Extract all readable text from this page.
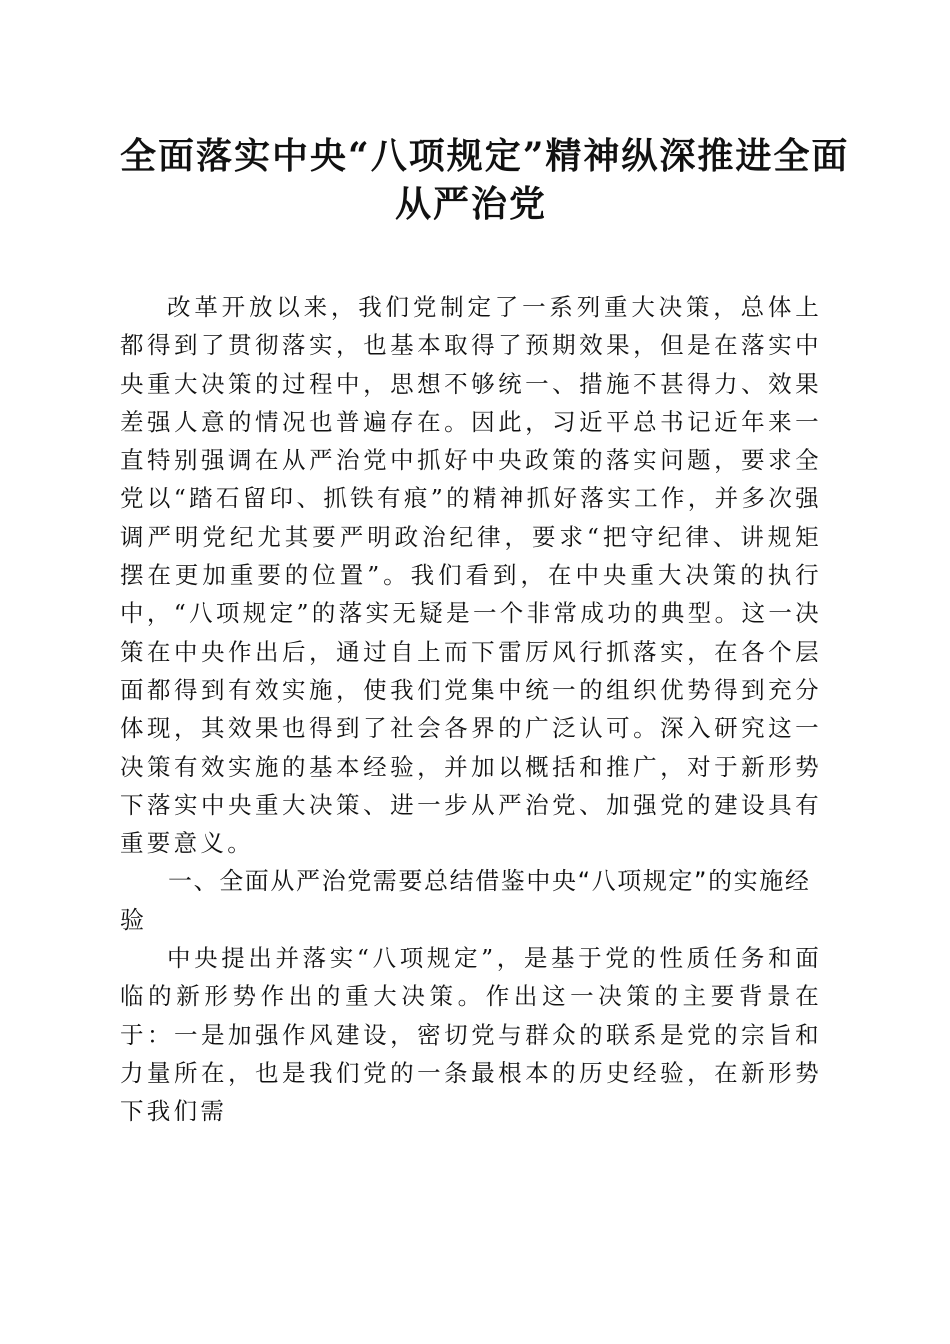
全面落实中央“八项规定”精神纵深推进全面
从严治党

改革开放以来，我们党制定了一系列重大决策，总体上都得到了贯彻落实，也基本取得了预期效果，但是在落实中央重大决策的过程中，思想不够统一、措施不甚得力、效果差强人意的情况也普遍存在。因此，习近平总书记近年来一直特别强调在从严治党中抓好中央政策的落实问题，要求全党以“踏石留印、抓铁有痕”的精神抓好落实工作，并多次强调严明党纪尤其要严明政治纪律，要求“把守纪律、讲规矩摆在更加重要的位置”。我们看到，在中央重大决策的执行中，“八项规定”的落实无疑是一个非常成功的典型。这一决策在中央作出后，通过自上而下雷厉风行抓落实，在各个层面都得到有效实施，使我们党集中统一的组织优势得到充分体现，其效果也得到了社会各界的广泛认可。深入研究这一决策有效实施的基本经验，并加以概括和推广，对于新形势下落实中央重大决策、进一步从严治党、加强党的建设具有重要意义。

一、全面从严治党需要总结借鉴中央“八项规定”的实施经验

中央提出并落实“八项规定”，是基于党的性质任务和面临的新形势作出的重大决策。作出这一决策的主要背景在于：一是加强作风建设，密切党与群众的联系是党的宗旨和力量所在，也是我们党的一条最根本的历史经验，在新形势下我们需
